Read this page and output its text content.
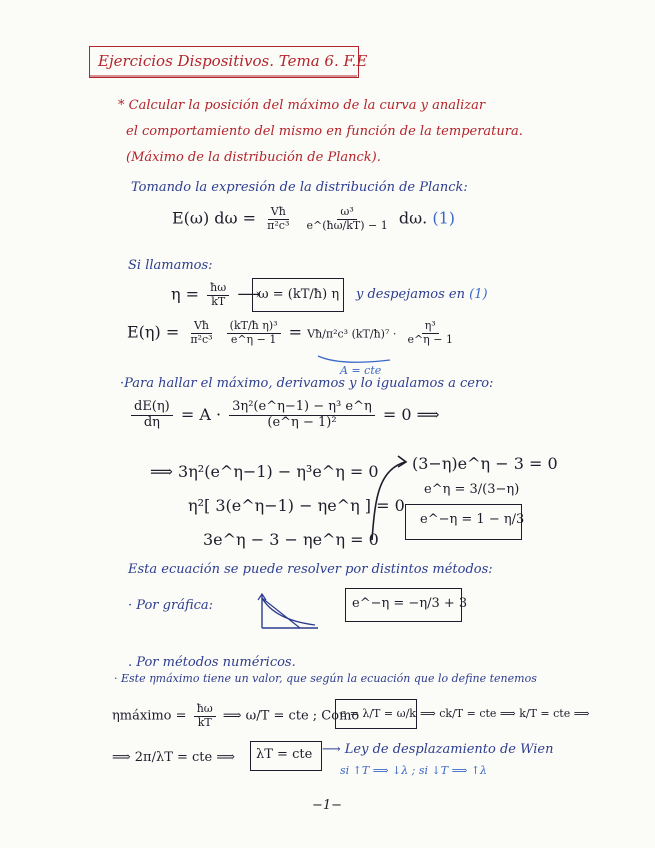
Ejercicios Dispositivos. Tema 6. F.E
* Calcular la posición del máximo de la curva y analizar
el comportamiento del mismo en función de la temperatura.
(Máximo de la distribución de Planck).
Tomando la expresión de la distribución de Planck:
E(ω) $d\omega = \frac{Vħ}{\text{π²c³}}$
$\frac{\text{ω³}}{e\^{}(ħ\omega/kT) - 1} d\omega$. (1)
Si llamamos:
$\eta = \frac{ħ\omega}{kT}$ ⟶
ω = (kT/ħ) η y despejamos en (1)
$E(\eta) = \frac{Vħ}{\text{π²c³}}$
$\frac{\text{(kT/ħ η)³}}{e\^{}\eta - 1}$ = Vħ/π²c³ (kT/ħ)⁷ · $\frac{\text{η³}}{e\^{}\eta - 1}$
A = cte
·Para hallar el máximo, derivamos y lo igualamos a cero:
$\frac{dE(\eta)}{d\eta} = A \cdot \frac{\text{3η²(e\textasciicircum{}η−1) − η³ e\textasciicircum{}η}}{\text{(e\textasciicircum{}η − 1)²}} = 0$ ⟹
⟹ 3η²(e^η−1) − η³e^η = 0
η²[ 3(e^η−1) − ηe^η ] = 0
3e^η − 3 − ηe^η = 0
(3−η)e^η − 3 = 0
e^η = 3/(3−η)
e^−η = 1 − η/3
Esta ecuación se puede resolver por distintos métodos:
· Por gráfica:	e^−η = −η/3 + 3
. Por métodos numéricos.
· Este ηmáximo tiene un valor, que según la ecuación que lo define tenemos
ηmáximo = $\frac{ħ\omega}{kT}$ ⟹ ω/T = cte ; Como
c = λ/T = ω/k ⟹ ck/T = cte ⟹ k/T = cte ⟹
⟹ 2π/λT = cte ⟹ λT = cte ⟶ Ley de desplazamiento de Wien
si ↑T ⟹ ↓λ ; si ↓T ⟹ ↑λ
−1−
